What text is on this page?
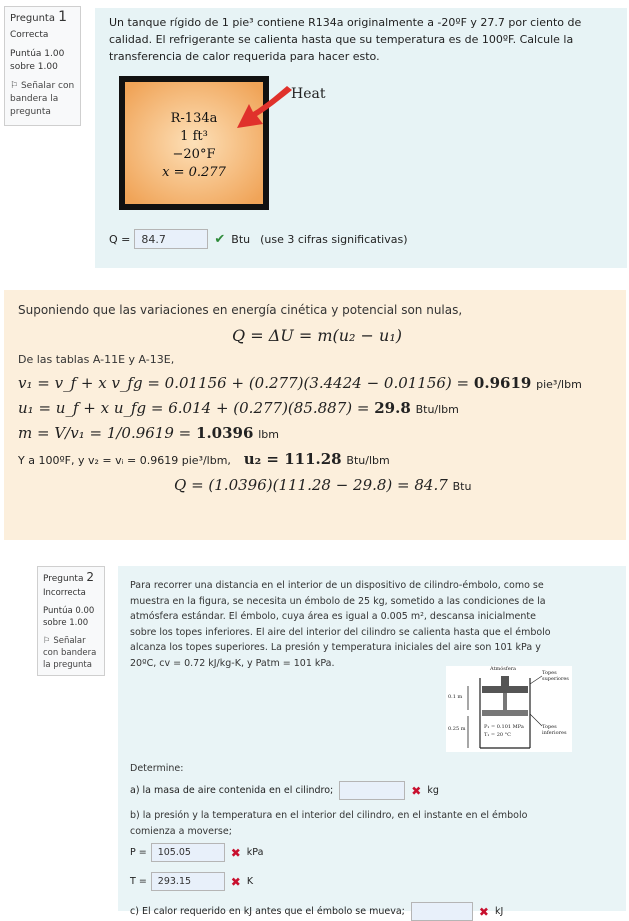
Pregunta 1
Correcta
Puntúa 1.00 sobre 1.00
⚐ Señalar con bandera la pregunta
Un tanque rígido de 1 pie³ contiene R134a originalmente a -20ºF y 27.7 por ciento de calidad. El refrigerante se calienta hasta que su temperatura es de 100ºF. Calcule la transferencia de calor requerida para hacer esto.
Heat
R-134a
1 ft³
−20°F
x = 0.277
Q =	84.7	✔ Btu (use 3 cifras significativas)
Suponiendo que las variaciones en energía cinética y potencial son nulas,
Q = ΔU = m(u₂ − u₁)
De las tablas A-11E y A-13E,
v₁ = v_f + x v_fg = 0.01156 + (0.277)(3.4424 − 0.01156) = 0.9619 pie³/lbm
u₁ = u_f + x u_fg = 6.014 + (0.277)(85.887) = 29.8 Btu/lbm
m = V/v₁ = 1/0.9619 = 1.0396 lbm
Y a 100ºF, y v₂ = vᵢ = 0.9619 pie³/lbm, u₂ = 111.28 Btu/lbm
Q = (1.0396)(111.28 − 29.8) = 84.7 Btu
Pregunta 2
Incorrecta
Puntúa 0.00 sobre 1.00
⚐ Señalar con bandera la pregunta
Para recorrer una distancia en el interior de un dispositivo de cilindro-émbolo, como se muestra en la figura, se necesita un émbolo de 25 kg, sometido a las condiciones de la atmósfera estándar. El émbolo, cuya área es igual a 0.005 m², descansa inicialmente sobre los topes inferiores. El aire del interior del cilindro se calienta hasta que el émbolo alcanza los topes superiores. La presión y temperatura iniciales del aire son 101 kPa y 20ºC, cv = 0.72 kJ/kg-K, y Patm = 101 kPa.
Atmósfera
Topes superiores
Topes inferiores
0.1 m
0.25 m	P₁ = 0.101 MPa
T₁ = 20 °C
Determine:
a) la masa de aire contenida en el cilindro;	✖ kg
b) la presión y la temperatura en el interior del cilindro, en el instante en el émbolo comienza a moverse;
P =	105.05	✖ kPa
T =	293.15	✖ K
c) El calor requerido en kJ antes que el émbolo se mueva;	✖ kJ
